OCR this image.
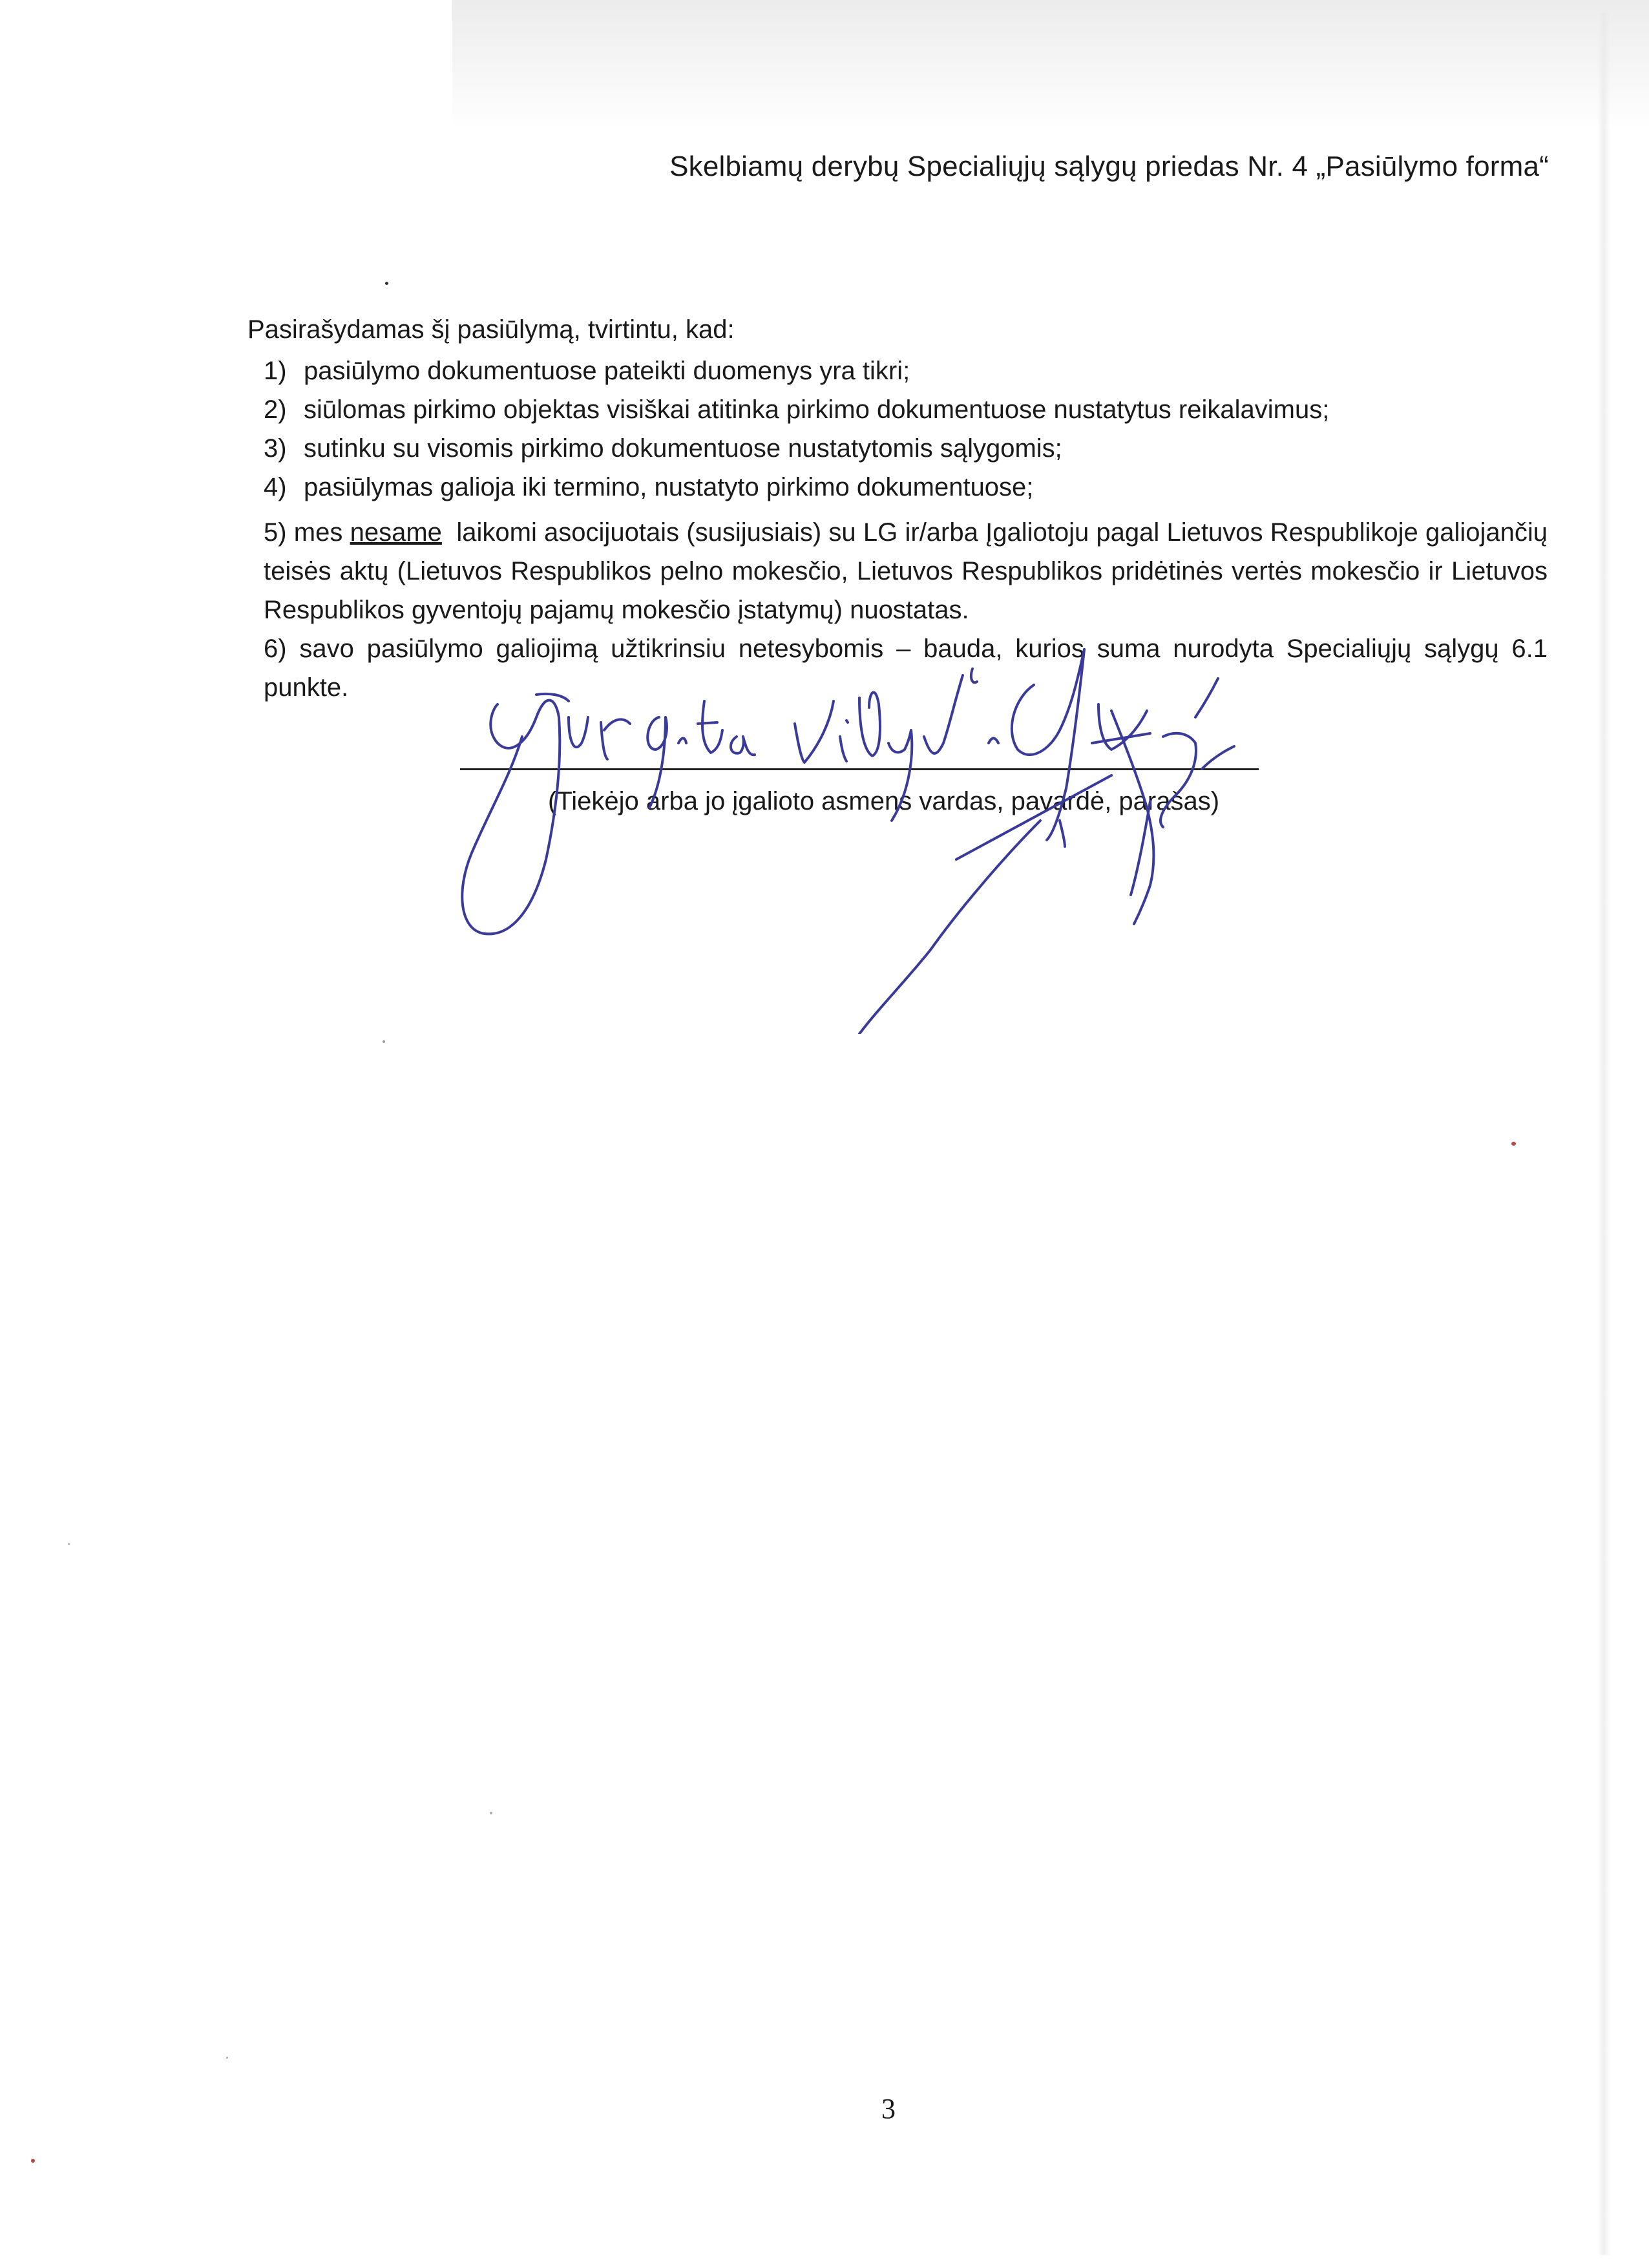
Skelbiamų derybų Specialiųjų sąlygų priedas Nr. 4 „Pasiūlymo forma“

Pasirašydamas šį pasiūlymą, tvirtintu, kad:

1) pasiūlymo dokumentuose pateikti duomenys yra tikri;
2) siūlomas pirkimo objektas visiškai atitinka pirkimo dokumentuose nustatytus reikalavimus;
3) sutinku su visomis pirkimo dokumentuose nustatytomis sąlygomis;
4) pasiūlymas galioja iki termino, nustatyto pirkimo dokumentuose;

5) mes nesame  laikomi asocijuotais (susijusiais) su LG ir/arba Įgaliotoju pagal Lietuvos Respublikoje galiojančių teisės aktų (Lietuvos Respublikos pelno mokesčio, Lietuvos Respublikos pridėtinės vertės mokesčio ir Lietuvos Respublikos gyventojų pajamų mokesčio įstatymų) nuostatas.

6) savo pasiūlymo galiojimą užtikrinsiu netesybomis – bauda, kurios suma nurodyta Specialiųjų sąlygų 6.1 punkte.

(Tiekėjo arba jo įgalioto asmens vardas, pavardė, parašas)
3
